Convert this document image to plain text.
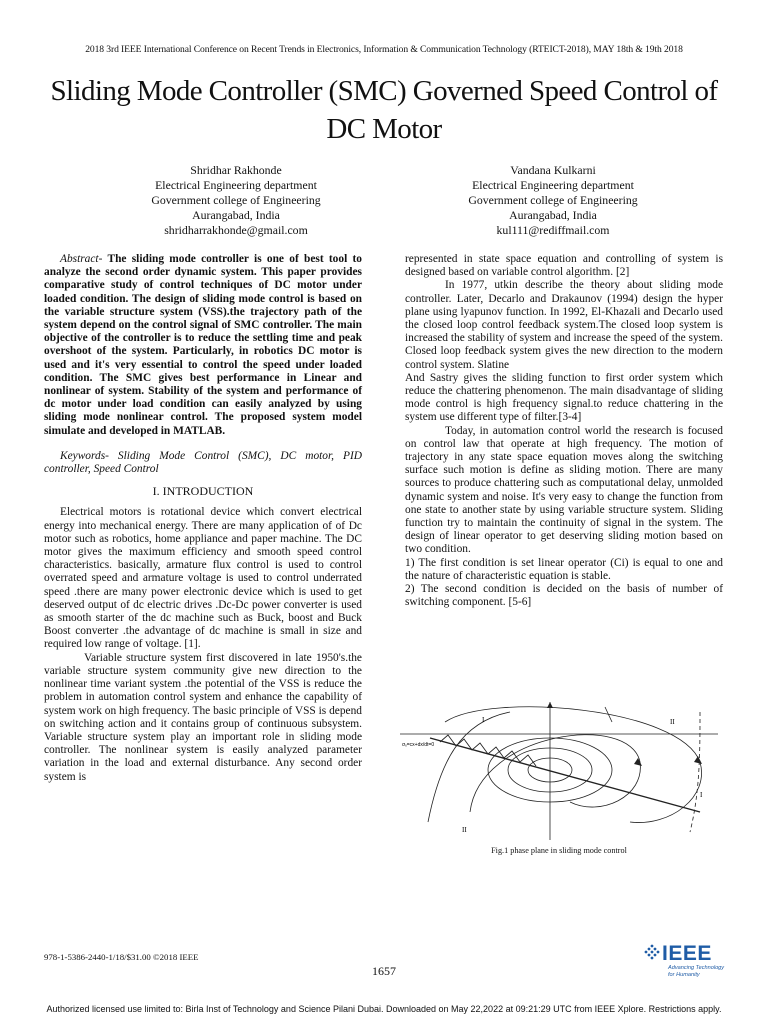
2018 3rd IEEE International Conference on Recent Trends in Electronics, Information & Communication Technology (RTEICT-2018), MAY 18th & 19th 2018
Sliding Mode Controller (SMC) Governed Speed Control of
DC Motor
Shridhar Rakhonde
Electrical Engineering department
Government college of Engineering
Aurangabad, India
shridharrakhonde@gmail.com
Vandana Kulkarni
Electrical Engineering department
Government college of Engineering
Aurangabad, India
kul111@rediffmail.com

Abstract- The sliding mode controller is one of best tool to analyze the second order dynamic system. This paper provides comparative study of control techniques of DC motor under loaded condition. The design of sliding mode control is based on the variable structure system (VSS).the trajectory path of the system depend on the control signal of SMC controller. The main objective of the controller is to reduce the settling time and peak overshoot of the system. Particularly, in robotics DC motor is used and it's very essential to control the speed under loaded condition. The SMC gives best performance in Linear and nonlinear of system. Stability of the system and performance of dc motor under load condition can easily analyzed by using sliding mode nonlinear control. The proposed system model simulate and developed in MATLAB.

Keywords- Sliding Mode Control (SMC), DC motor, PID controller, Speed Control

I. INTRODUCTION

Electrical motors is rotational device which convert electrical energy into mechanical energy. There are many application of of Dc motor such as robotics, home appliance and paper machine. The DC motor gives the maximum efficiency and smooth speed control characteristics. basically, armature flux control is used to control overrated speed and armature voltage is used to control underrated speed .there are many power electronic device which is used to get deserved output of dc electric drives .Dc-Dc power converter is used as smooth starter of the dc machine such as Buck, boost and Buck Boost converter .the advantage of dc machine is small in size and required low range of voltage. [1].

Variable structure system first discovered in late 1950's.the variable structure system community give new direction to the nonlinear time variant system .the potential of the VSS is reduce the problem in automation control system and enhance the capability of system work on high frequency. The basic principle of VSS is depend on switching action and it contains group of continuous subsystem. Variable structure system play an important role in sliding mode controller. The nonlinear system is easily analyzed parameter variation in the load and external disturbance. Any second order system is

represented in state space equation and controlling of system is designed based on variable control algorithm. [2]

In 1977, utkin describe the theory about sliding mode controller. Later, Decarlo and Drakaunov (1994) design the hyper plane using lyapunov function. In 1992, El-Khazali and Decarlo used the closed loop control feedback system.The closed loop system is increased the stability of system and increase the speed of the system. Closed loop feedback system gives the new direction to the modern control system. Slatine

And Sastry gives the sliding function to first order system which reduce the chattering phenomenon. The main disadvantage of sliding mode control is high frequency signal.to reduce chattering in the system use different type of filter.[3-4]

Today, in automation control world the research is focused on control law that operate at high frequency. The motion of trajectory in any state space equation moves along the switching surface such motion is define as sliding motion. There are many sources to produce chattering such as computational delay, unmolded dynamic system and noise. It's very easy to change the function from one state to another state by using variable structure system. Sliding function try to maintain the continuity of signal in the system. The design of linear operator to get deserving sliding motion based on two condition.

1) The first condition is set linear operator (Ci) is equal to one and the nature of characteristic equation is stable.

2) The second condition is decided on the basis of number of switching component. [5-6]

σₓ=cx+dx/dt=0
I	II
II
I
Fig.1 phase plane in sliding mode control
978-1-5386-2440-1/18/$31.00 ©2018 IEEE
1657
IEEE
Advancing Technology
for Humanity
Authorized licensed use limited to: Birla Inst of Technology and Science Pilani Dubai. Downloaded on May 22,2022 at 09:21:29 UTC from IEEE Xplore. Restrictions apply.
